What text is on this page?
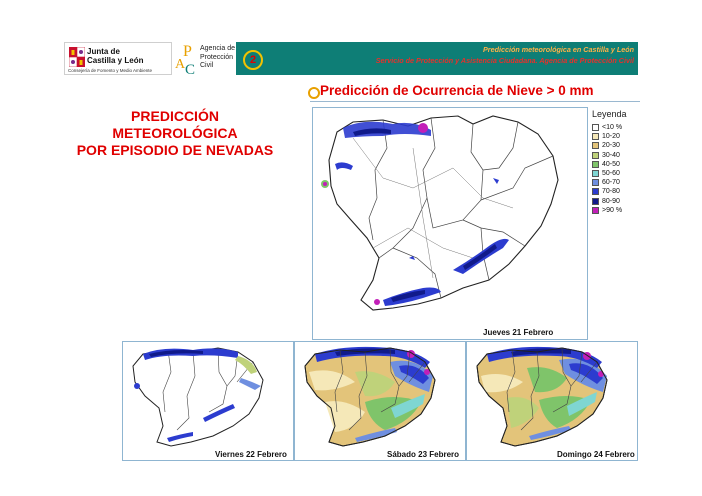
Junta de
Castilla y León
Consejería de Fomento y Medio Ambiente
P
A C
Agencia de
Protección
Civil	2
Predicción meteorológica en Castilla y León
Servicio de Protección y Asistencia Ciudadana. Agencia de Protección Civil
Predicción de Ocurrencia de Nieve > 0 mm
PREDICCIÓN
METEOROLÓGICA
POR EPISODIO DE NEVADAS
Jueves 21 Febrero
Leyenda
<10 %
10-20
20-30
30-40
40-50
50-60
60-70
70-80
80-90
>90 %
Viernes 22 Febrero	Sábado 23 Febrero	Domingo 24 Febrero
